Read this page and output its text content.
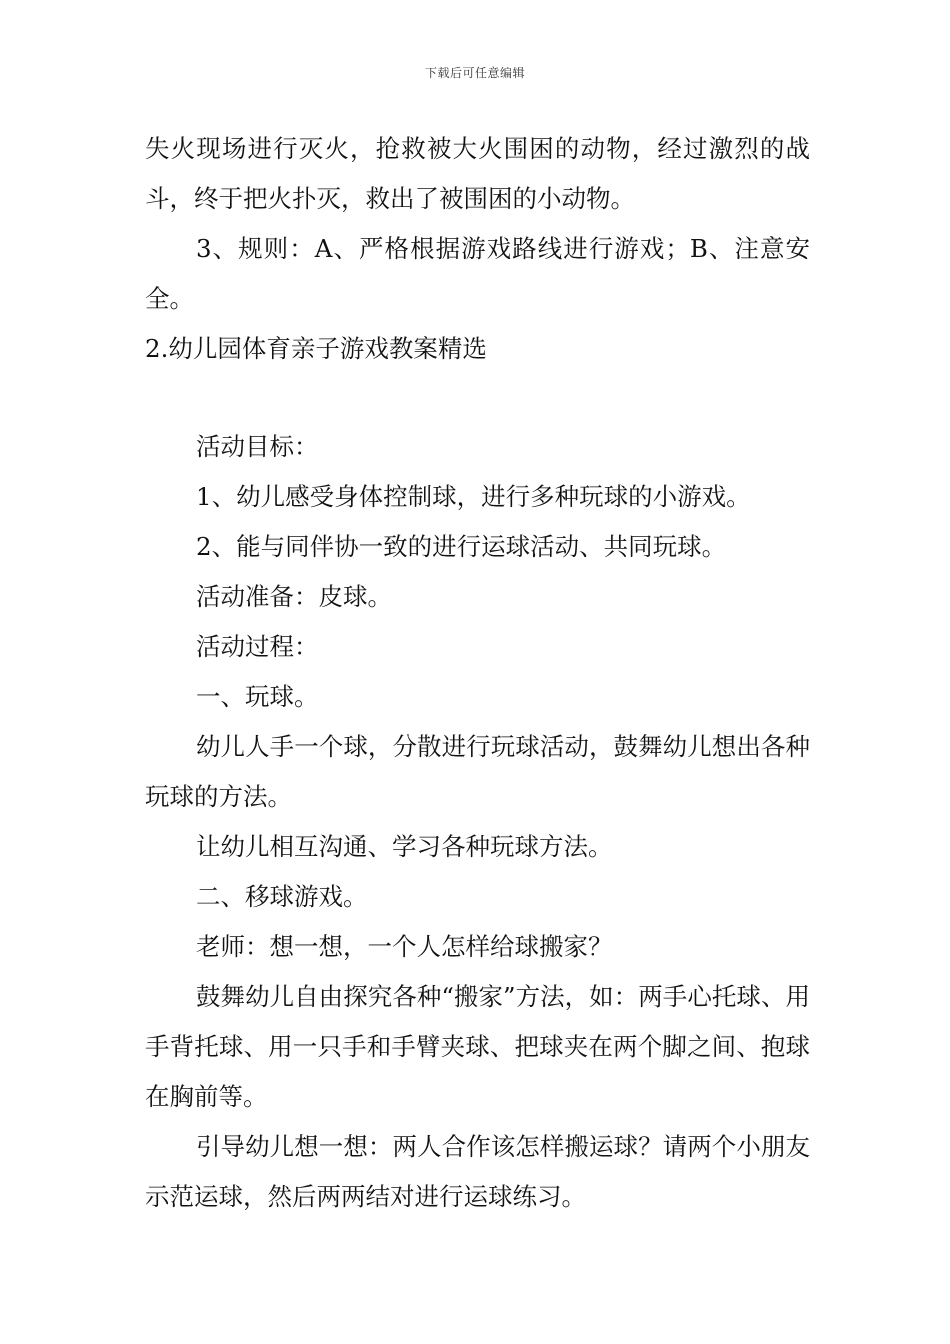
下载后可任意编辑

失火现场进行灭火，抢救被大火围困的动物，经过激烈的战斗，终于把火扑灭，救出了被围困的小动物。

3、规则：A、严格根据游戏路线进行游戏；B、注意安全。

2.幼儿园体育亲子游戏教案精选

活动目标：

1、幼儿感受身体控制球，进行多种玩球的小游戏。

2、能与同伴协一致的进行运球活动、共同玩球。

活动准备：皮球。

活动过程：

一、玩球。

幼儿人手一个球，分散进行玩球活动，鼓舞幼儿想出各种玩球的方法。

让幼儿相互沟通、学习各种玩球方法。

二、移球游戏。

老师：想一想，一个人怎样给球搬家？

鼓舞幼儿自由探究各种“搬家”方法，如：两手心托球、用手背托球、用一只手和手臂夹球、把球夹在两个脚之间、抱球在胸前等。

引导幼儿想一想：两人合作该怎样搬运球？请两个小朋友示范运球，然后两两结对进行运球练习。
